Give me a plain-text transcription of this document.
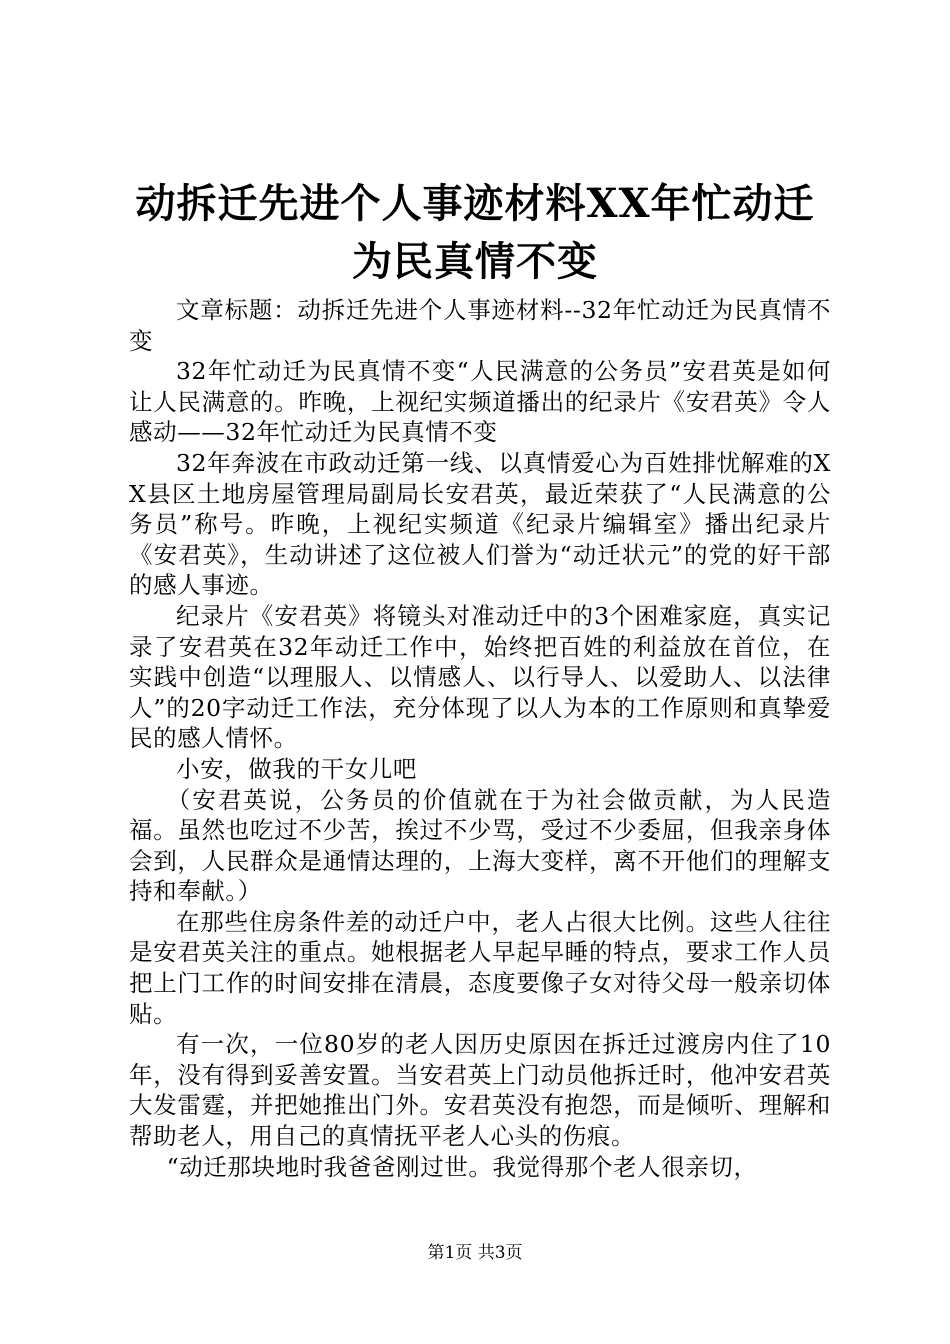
动拆迁先进个人事迹材料XX年忙动迁为民真情不变

文章标题：动拆迁先进个人事迹材料--32年忙动迁为民真情不变

32年忙动迁为民真情不变“人民满意的公务员”安君英是如何让人民满意的。昨晚，上视纪实频道播出的纪录片《安君英》令人感动——32年忙动迁为民真情不变

32年奔波在市政动迁第一线、以真情爱心为百姓排忧解难的XX县区土地房屋管理局副局长安君英，最近荣获了“人民满意的公务员”称号。昨晚，上视纪实频道《纪录片编辑室》播出纪录片《安君英》，生动讲述了这位被人们誉为“动迁状元”的党的好干部的感人事迹。

纪录片《安君英》将镜头对准动迁中的3个困难家庭，真实记录了安君英在32年动迁工作中，始终把百姓的利益放在首位，在实践中创造“以理服人、以情感人、以行导人、以爱助人、以法律人”的20字动迁工作法，充分体现了以人为本的工作原则和真挚爱民的感人情怀。

小安，做我的干女儿吧

（安君英说，公务员的价值就在于为社会做贡献，为人民造福。虽然也吃过不少苦，挨过不少骂，受过不少委屈，但我亲身体会到，人民群众是通情达理的，上海大变样，离不开他们的理解支持和奉献。）

在那些住房条件差的动迁户中，老人占很大比例。这些人往往是安君英关注的重点。她根据老人早起早睡的特点，要求工作人员把上门工作的时间安排在清晨，态度要像子女对待父母一般亲切体贴。

有一次，一位80岁的老人因历史原因在拆迁过渡房内住了10年，没有得到妥善安置。当安君英上门动员他拆迁时，他冲安君英大发雷霆，并把她推出门外。安君英没有抱怨，而是倾听、理解和帮助老人，用自己的真情抚平老人心头的伤痕。

“动迁那块地时我爸爸刚过世。我觉得那个老人很亲切，

第1页 共3页
